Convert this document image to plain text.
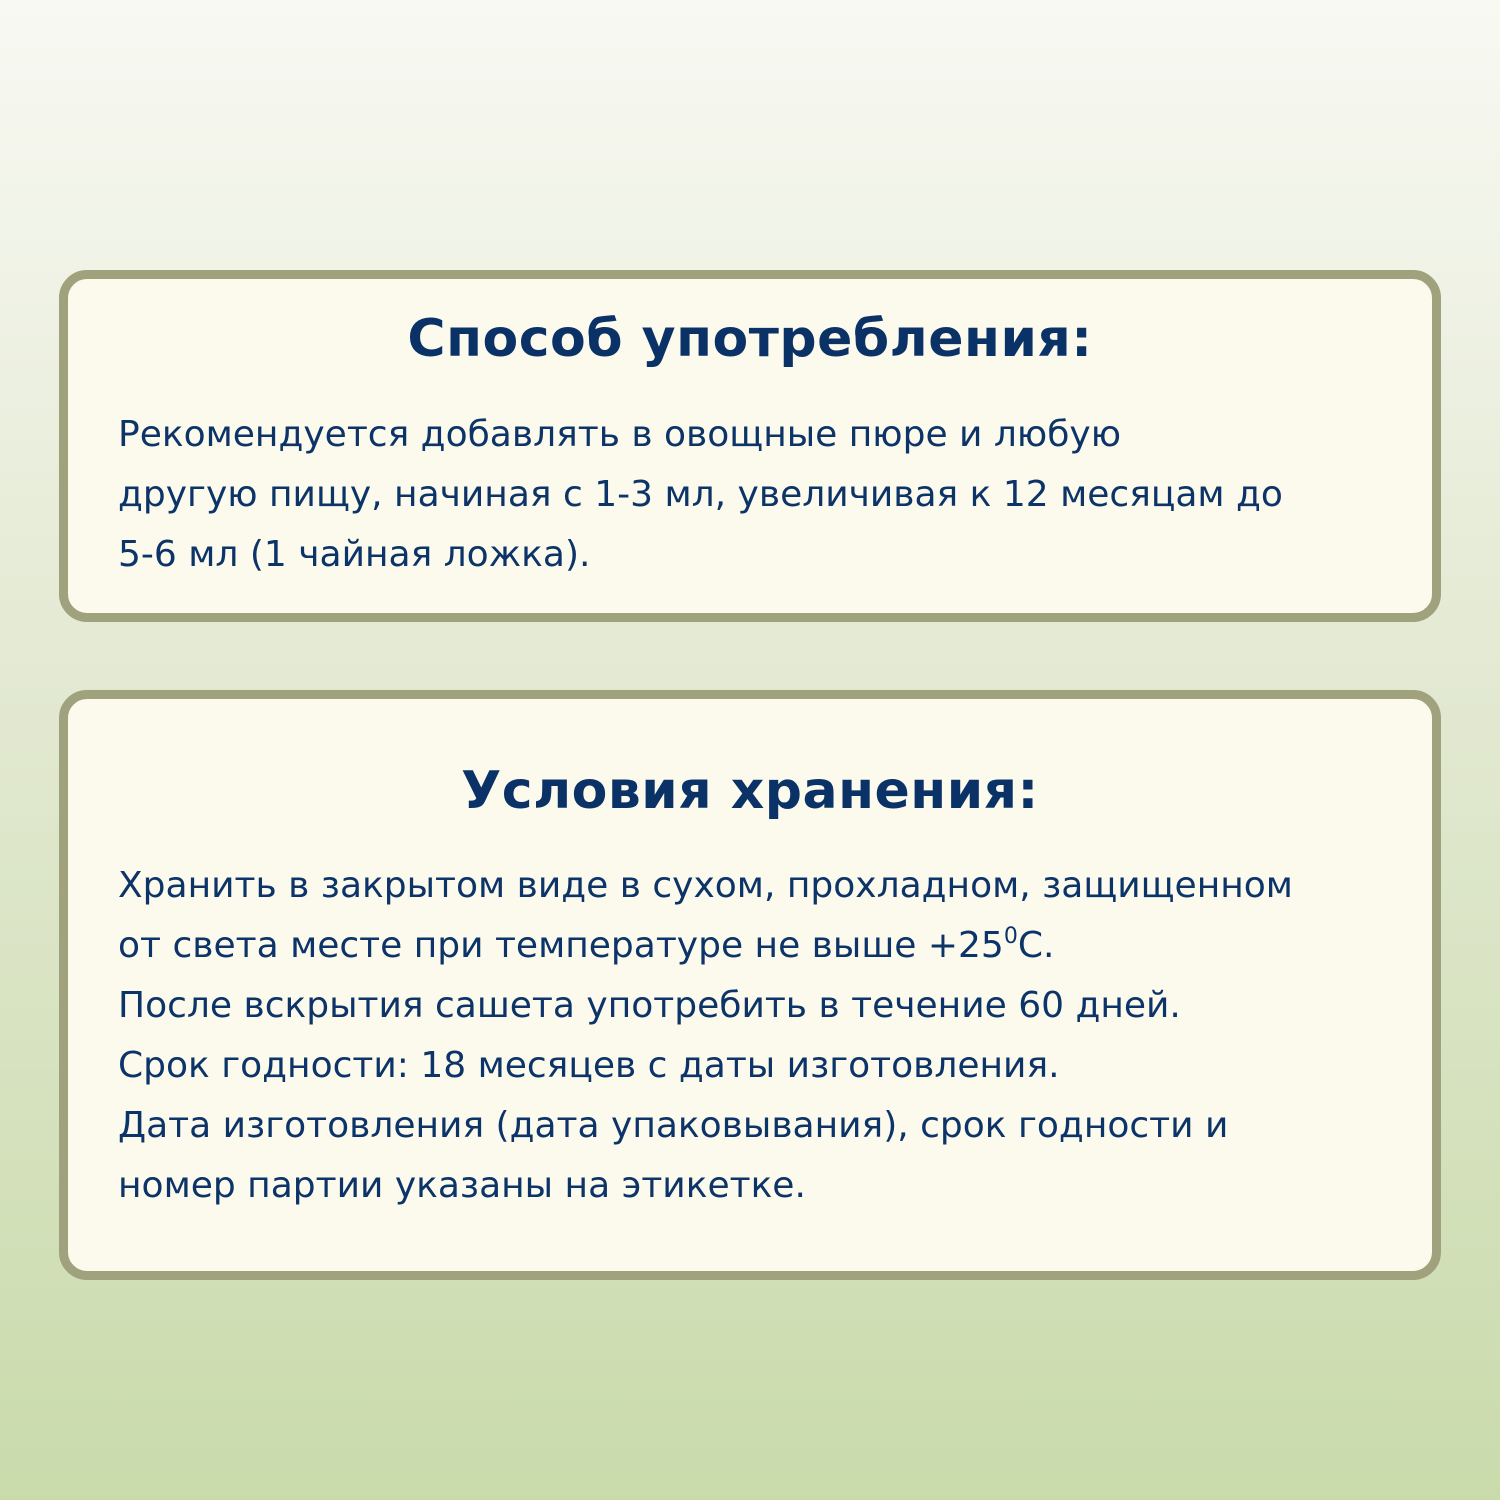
Способ употребления:

Рекомендуется добавлять в овощные пюре и любую
другую пищу, начиная с 1-3 мл, увеличивая к 12 месяцам до
5-6 мл (1 чайная ложка).

Условия хранения:

Хранить в закрытом виде в сухом, прохладном, защищенном
от света месте при температуре не выше $+25^0С$.
После вскрытия сашета употребить в течение 60 дней.
Срок годности: 18 месяцев с даты изготовления.
Дата изготовления (дата упаковывания), срок годности и
номер партии указаны на этикетке.
